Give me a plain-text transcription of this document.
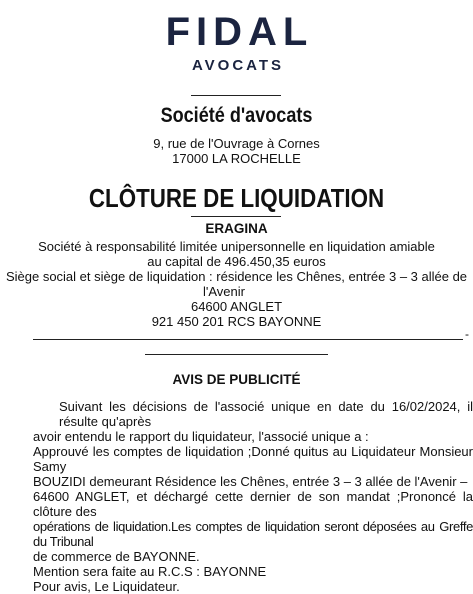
FIDAL
AVOCATS
Société d'avocats
9, rue de l'Ouvrage à Cornes
17000 LA ROCHELLE
CLÔTURE DE LIQUIDATION
ERAGINA
Société à responsabilité limitée unipersonnelle en liquidation amiable
au capital de 496.450,35 euros
Siège social et siège de liquidation : résidence les Chênes, entrée 3 – 3 allée de
l'Avenir
64600 ANGLET
921 450 201 RCS BAYONNE
-
AVIS DE PUBLICITÉ
Suivant les décisions de l'associé unique en date du 16/02/2024, il résulte qu'après
avoir entendu le rapport du liquidateur, l'associé unique a :
Approuvé les comptes de liquidation ;Donné quitus au Liquidateur Monsieur Samy
BOUZIDI demeurant Résidence les Chênes, entrée 3 – 3 allée de l'Avenir –
64600 ANGLET, et déchargé cette dernier de son mandat ;Prononcé la clôture des
opérations de liquidation.Les comptes de liquidation seront déposées au Greffe du Tribunal
de commerce de BAYONNE.
Mention sera faite au R.C.S : BAYONNE
Pour avis, Le Liquidateur.
